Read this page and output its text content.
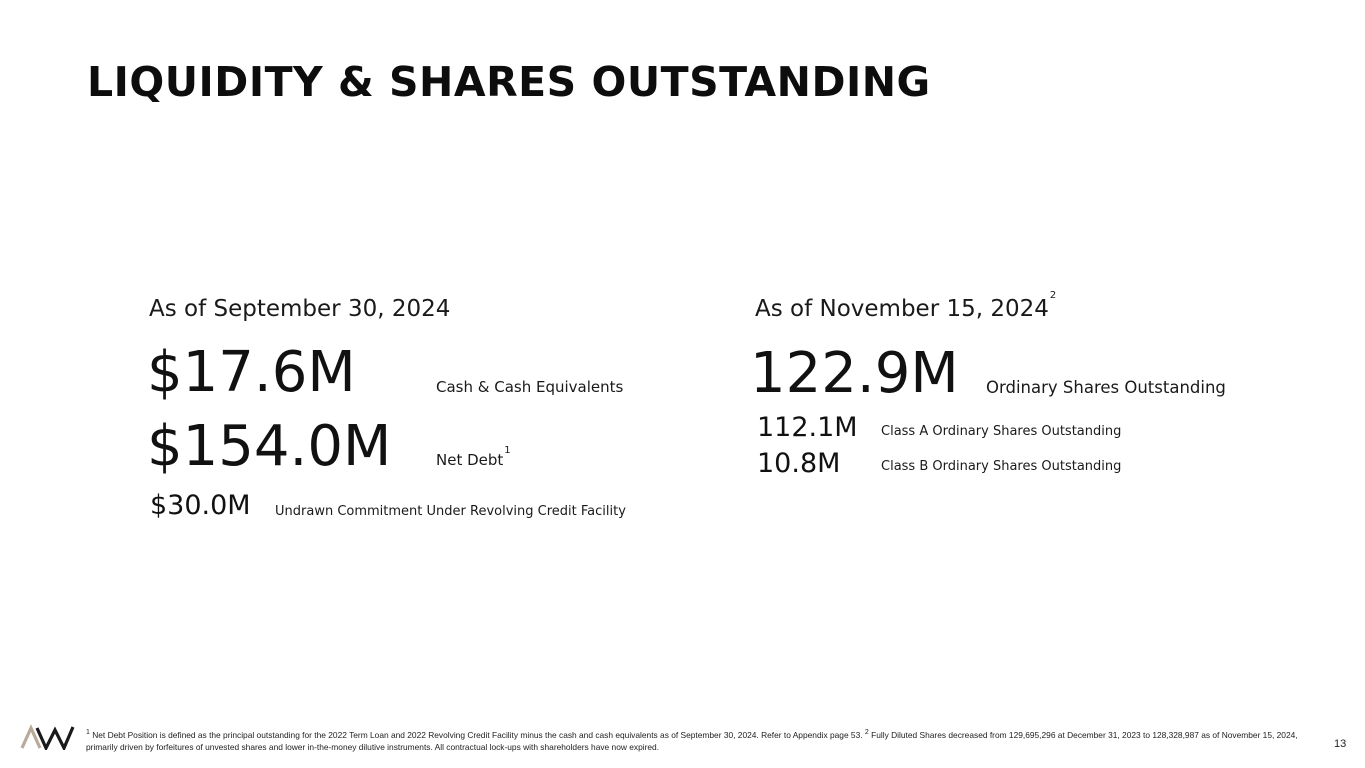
LIQUIDITY & SHARES OUTSTANDING
As of September 30, 2024
$17.6M	Cash & Cash Equivalents
$154.0M	Net Debt$^1$
$30.0M Undrawn Commitment Under Revolving Credit Facility
As of November 15, 2024$^2$
122.9M Ordinary Shares Outstanding
112.1M Class A Ordinary Shares Outstanding
10.8M	Class B Ordinary Shares Outstanding
$^1$ Net Debt Position is defined as the principal outstanding for the 2022 Term Loan and 2022 Revolving Credit Facility minus the cash and cash equivalents as of September 30, 2024. Refer to Appendix page 53. $^2$ Fully Diluted Shares decreased from 129,695,296 at December 31, 2023 to 128,328,987 as of November 15, 2024, primarily driven by forfeitures of unvested shares and lower in-the-money dilutive instruments. All contractual lock-ups with shareholders have now expired.	13
